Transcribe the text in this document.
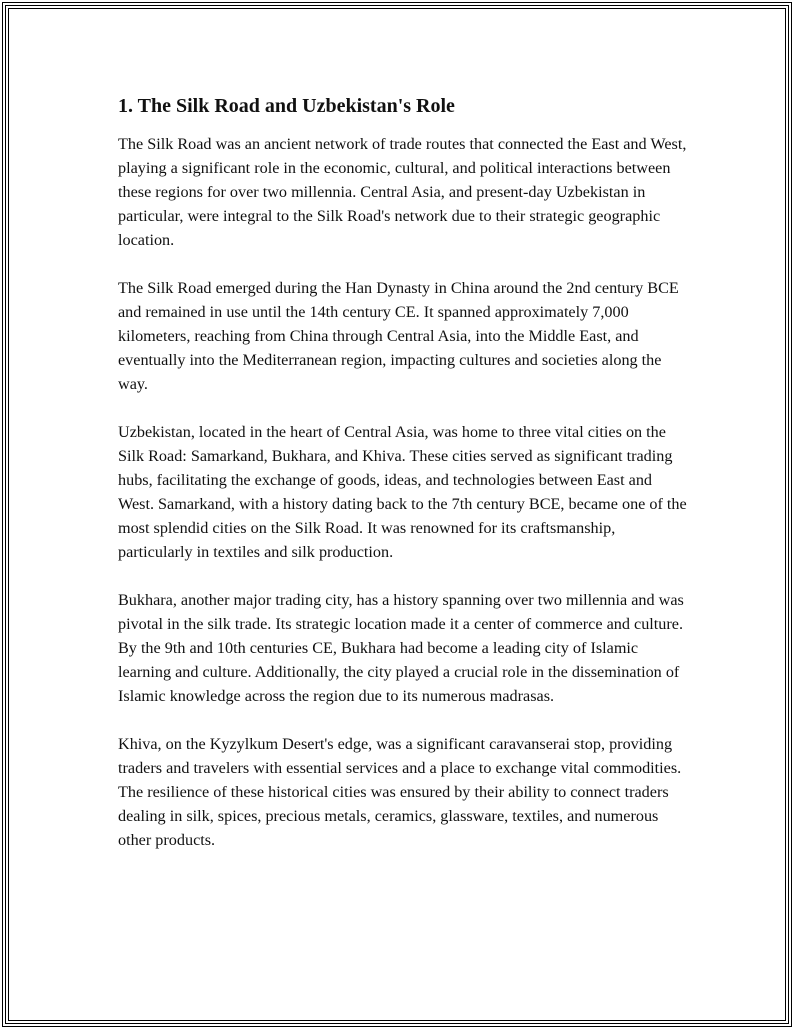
1. The Silk Road and Uzbekistan's Role

The Silk Road was an ancient network of trade routes that connected the East and West, playing a significant role in the economic, cultural, and political interactions between these regions for over two millennia. Central Asia, and present-day Uzbekistan in particular, were integral to the Silk Road's network due to their strategic geographic location.

The Silk Road emerged during the Han Dynasty in China around the 2nd century BCE and remained in use until the 14th century CE. It spanned approximately 7,000 kilometers, reaching from China through Central Asia, into the Middle East, and eventually into the Mediterranean region, impacting cultures and societies along the way.

Uzbekistan, located in the heart of Central Asia, was home to three vital cities on the Silk Road: Samarkand, Bukhara, and Khiva. These cities served as significant trading hubs, facilitating the exchange of goods, ideas, and technologies between East and West. Samarkand, with a history dating back to the 7th century BCE, became one of the most splendid cities on the Silk Road. It was renowned for its craftsmanship, particularly in textiles and silk production.

Bukhara, another major trading city, has a history spanning over two millennia and was pivotal in the silk trade. Its strategic location made it a center of commerce and culture. By the 9th and 10th centuries CE, Bukhara had become a leading city of Islamic learning and culture. Additionally, the city played a crucial role in the dissemination of Islamic knowledge across the region due to its numerous madrasas.

Khiva, on the Kyzylkum Desert's edge, was a significant caravanserai stop, providing traders and travelers with essential services and a place to exchange vital commodities. The resilience of these historical cities was ensured by their ability to connect traders dealing in silk, spices, precious metals, ceramics, glassware, textiles, and numerous other products.
